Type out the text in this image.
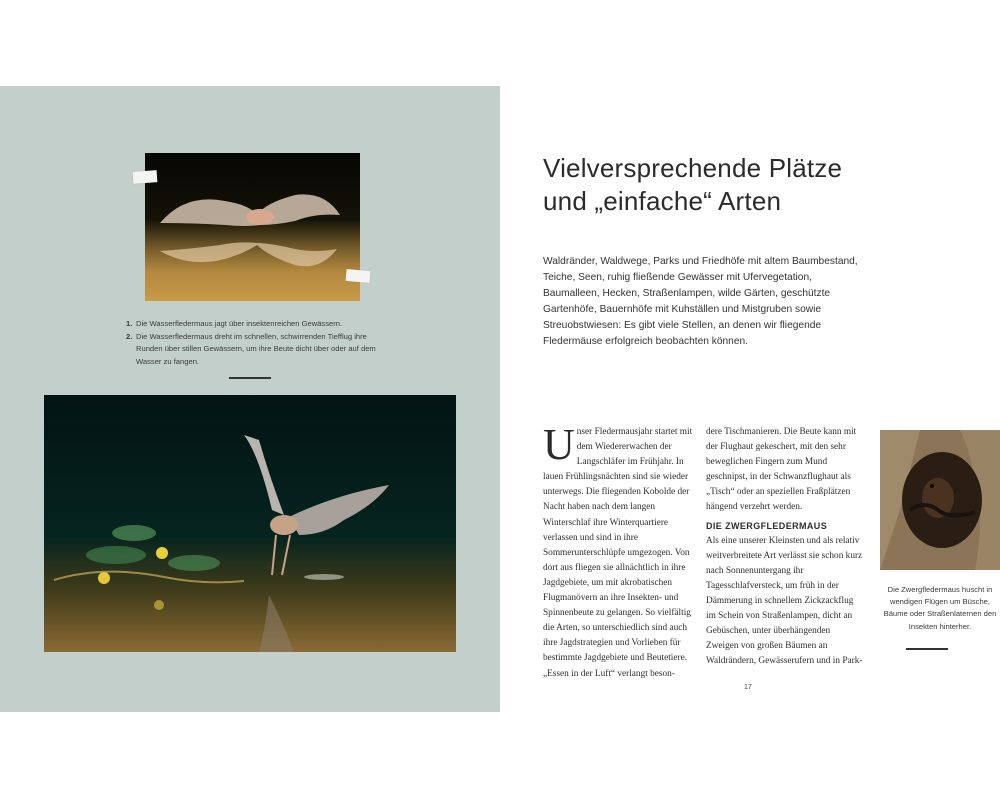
1. Die Wasserfledermaus jagt über insektenreichen Gewässern.
2. Die Wasserfledermaus dreht im schnellen, schwirrenden Tiefflug ihre Runden über stillen Gewässern, um ihre Beute dicht über oder auf dem Wasser zu fangen.
Vielversprechende Plätze
und „einfache“ Arten
Waldränder, Waldwege, Parks und Friedhöfe mit altem Baumbestand, Teiche, Seen, ruhig fließende Gewässer mit Ufervegetation, Baumalleen, Hecken, Straßenlampen, wilde Gärten, geschützte Gartenhöfe, Bauernhöfe mit Kuhställen und Mistgruben sowie Streuobstwiesen: Es gibt viele Stellen, an denen wir fliegende Fledermäuse erfolgreich beobachten können.
U nser Fledermausjahr startet mit dem Wiedererwachen der Langschläfer im Frühjahr. In lauen Frühlingsnächten sind sie wieder unterwegs. Die fliegenden Kobolde der Nacht haben nach dem langen Winterschlaf ihre Winterquartiere verlassen und sind in ihre Sommerunterschlüpfe umgezogen. Von dort aus fliegen sie allnächtlich in ihre Jagdgebiete, um mit akrobatischen Flugmanövern an ihre Insekten- und Spinnenbeute zu gelangen. So vielfältig die Arten, so unterschiedlich sind auch ihre Jagdstrategien und Vorlieben für bestimmte Jagdgebiete und Beutetiere. „Essen in der Luft“ verlangt beson-
dere Tischmanieren. Die Beute kann mit der Flughaut gekeschert, mit den sehr beweglichen Fingern zum Mund geschnipst, in der Schwanzflughaut als „Tisch“ oder an speziellen Fraßplätzen hängend verzehrt werden.
DIE ZWERGFLEDERMAUS
Als eine unserer Kleinsten und als relativ weitverbreitete Art verlässt sie schon kurz nach Sonnenuntergang ihr Tagesschlafversteck, um früh in der Dämmerung in schnellem Zickzackflug im Schein von Straßenlampen, dicht an Gebüschen, unter überhängenden Zweigen von großen Bäumen an Waldrändern, Gewässerufern und in Park-
Die Zwergfledermaus huscht in wendigen Flügen um Büsche, Bäume oder Straßenlaternen den Insekten hinterher.
17
